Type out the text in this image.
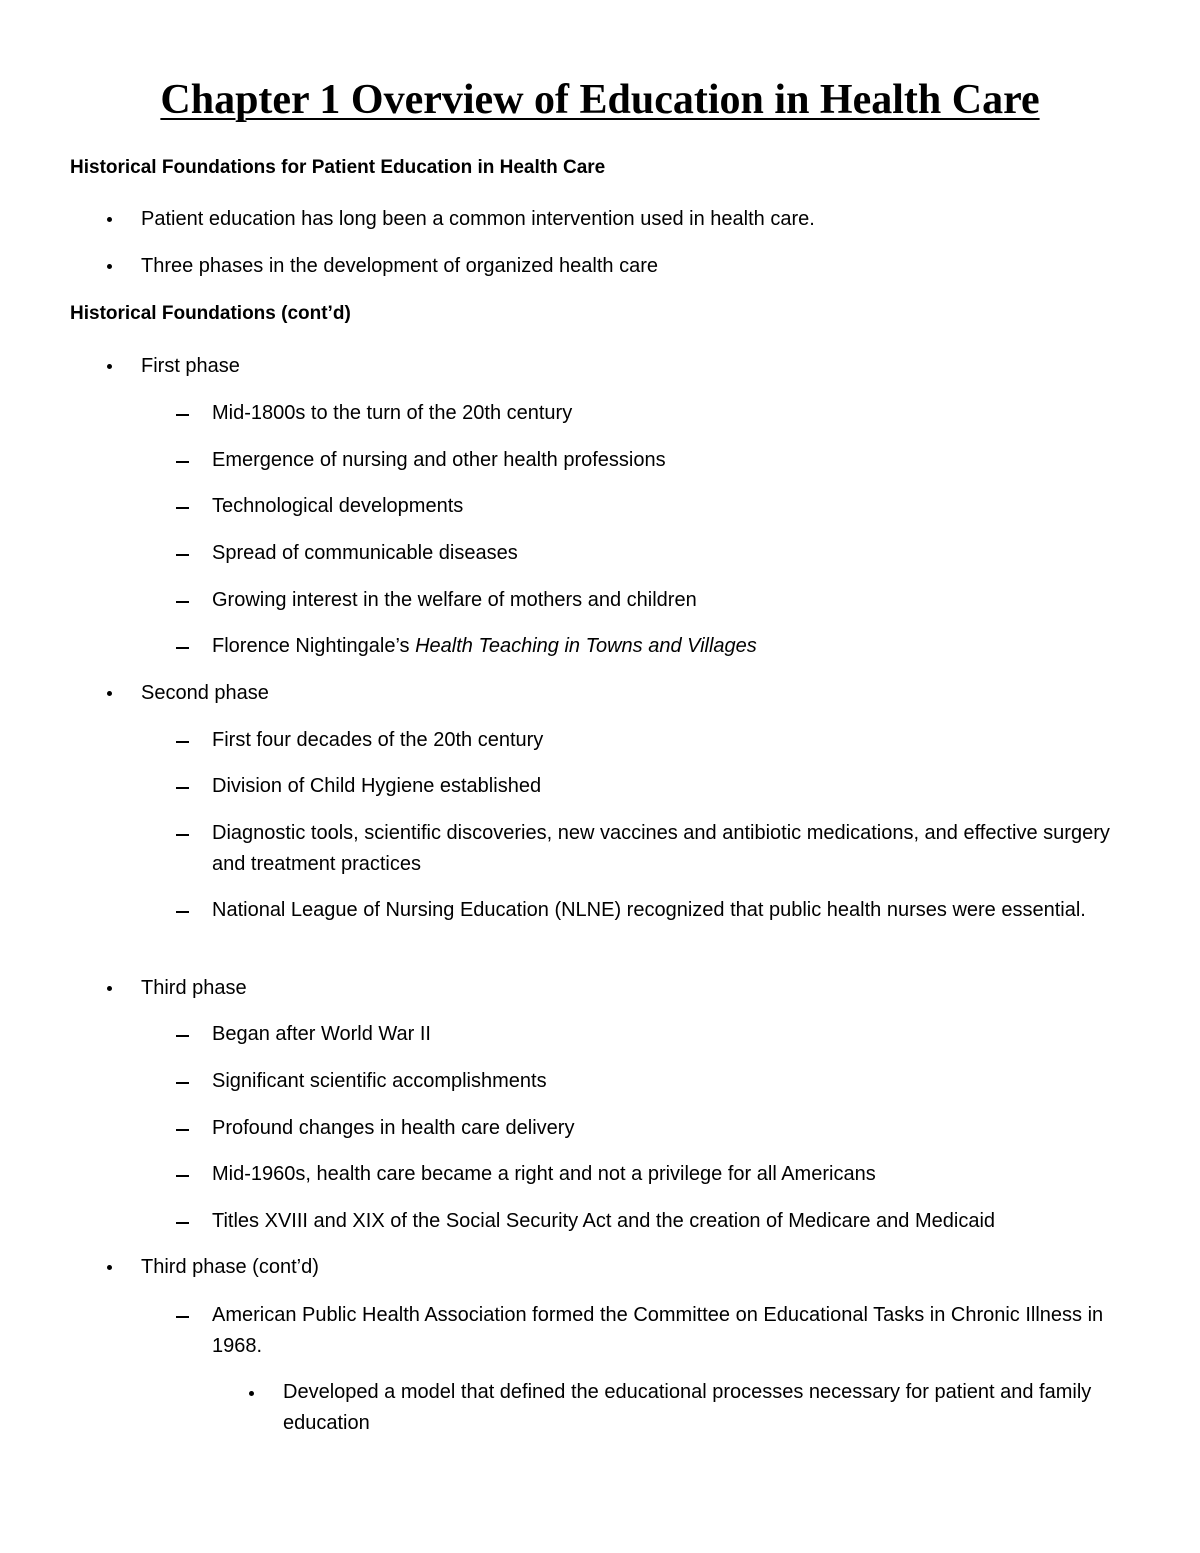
Chapter 1 Overview of Education in Health Care

Historical Foundations for Patient Education in Health Care

Patient education has long been a common intervention used in health care.

Three phases in the development of organized health care

Historical Foundations (cont’d)

First phase

Mid-1800s to the turn of the 20th century

Emergence of nursing and other health professions

Technological developments

Spread of communicable diseases

Growing interest in the welfare of mothers and children

Florence Nightingale’s Health Teaching in Towns and Villages

Second phase

First four decades of the 20th century

Division of Child Hygiene established

Diagnostic tools, scientific discoveries, new vaccines and antibiotic medications, and effective surgery and treatment practices

National League of Nursing Education (NLNE) recognized that public health nurses were essential.

Third phase

Began after World War II

Significant scientific accomplishments

Profound changes in health care delivery

Mid-1960s, health care became a right and not a privilege for all Americans

Titles XVIII and XIX of the Social Security Act and the creation of Medicare and Medicaid

Third phase (cont’d)

American Public Health Association formed the Committee on Educational Tasks in Chronic Illness in 1968.

Developed a model that defined the educational processes necessary for patient and family education
